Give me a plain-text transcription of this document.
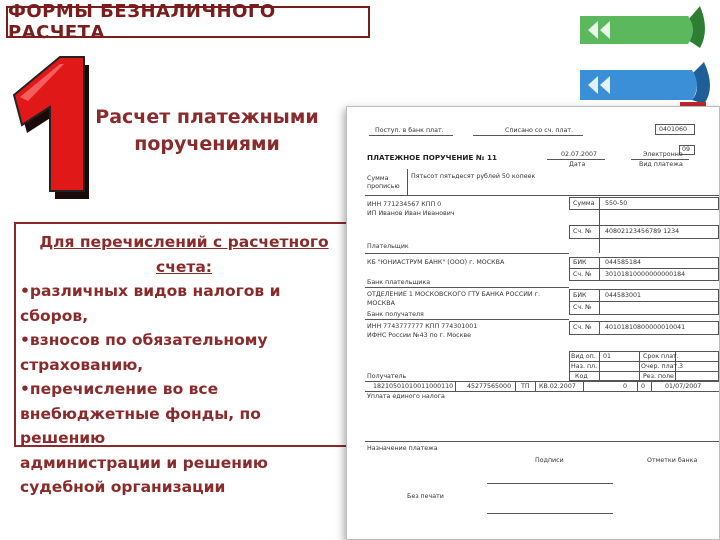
ФОРМЫ БЕЗНАЛИЧНОГО РАСЧЕТА
Расчет платежными
поручениями
Для перечислений с расчетного
счета:
•различных видов налогов и сборов,
•взносов по обязательному
страхованию,
•перечисление во все
внебюджетные фонды, по решению
администрации и решению
судебной организации
Поступ. в банк плат.	Списано со сч. плат.	0401060
09
ПЛАТЕЖНОЕ ПОРУЧЕНИЕ № 11	02.07.2007
Дата
Электронно
Вид платежа
Сумма прописью
Пятьсот пятьдесят рублей 50 копеек
ИНН 771234567 КПП 0
ИП Иванов Иван Иванович
Сумма 550-50
Сч. № 40802123456789 1234
Плательщик
КБ "ЮНИАСТРУМ БАНК" (ООО) г. МОСКВА	БИК	044585184
Сч. № 30101810000000000184
Банк плательщика
ОТДЕЛЕНИЕ 1 МОСКОВСКОГО ГТУ БАНКА РОССИИ г.
МОСКВА
БИК	044583001
Сч. №
Банк получателя
ИНН 7743777777 КПП 774301001
ИФНС России №43 по г. Москве
Сч. № 40101810800000010041
Вид оп. 01	Срок плат.
Наз. пл.	Очер. плат. 3
Код	Рез. поле
Получатель
18210501010011000110 45277565000 ТП КВ.02.2007	0 0	01/07/2007
Уплата единого налога
Назначение платежа
Подписи	Отметки банка
Без печати
